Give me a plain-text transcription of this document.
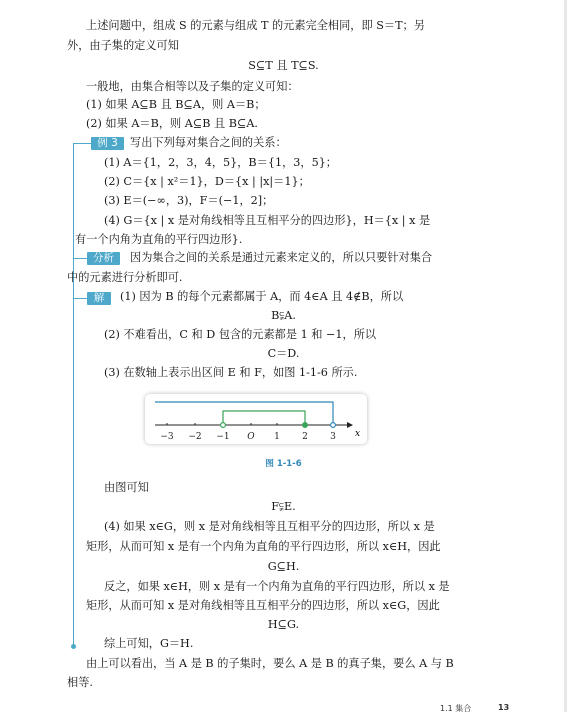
上述问题中，组成 S 的元素与组成 T 的元素完全相同，即 S＝T；另
外，由子集的定义可知
S⊆T 且 T⊆S.
一般地，由集合相等以及子集的定义可知：
(1) 如果 A⊆B 且 B⊆A，则 A＝B；
(2) 如果 A＝B，则 A⊆B 且 B⊆A.
例 3	写出下列每对集合之间的关系：
(1) A＝{1，2，3，4，5}，B＝{1，3，5}；
(2) C＝{x | x²＝1}，D＝{x | |x|＝1}；
(3) E＝(−∞，3)，F＝(−1，2]；
(4) G＝{x | x 是对角线相等且互相平分的四边形}，H＝{x | x 是
有一个内角为直角的平行四边形}.
分析	因为集合之间的关系是通过元素来定义的，所以只要针对集合
中的元素进行分析即可.
解	(1) 因为 B 的每个元素都属于 A，而 4∈A 且 4∉B，所以
B⫋A.
(2) 不难看出，C 和 D 包含的元素都是 1 和 −1，所以
C＝D.
(3) 在数轴上表示出区间 E 和 F，如图 1-1-6 所示.
x
−3 −2 −1 O 1 2 3
图 1-1-6
由图可知
F⫋E.
(4) 如果 x∈G，则 x 是对角线相等且互相平分的四边形，所以 x 是
矩形，从而可知 x 是有一个内角为直角的平行四边形，所以 x∈H，因此
G⊆H.
反之，如果 x∈H，则 x 是有一个内角为直角的平行四边形，所以 x 是
矩形，从而可知 x 是对角线相等且互相平分的四边形，所以 x∈G，因此
H⊆G.
综上可知，G＝H.
由上可以看出，当 A 是 B 的子集时，要么 A 是 B 的真子集，要么 A 与 B
相等.
1.1 集合	13
